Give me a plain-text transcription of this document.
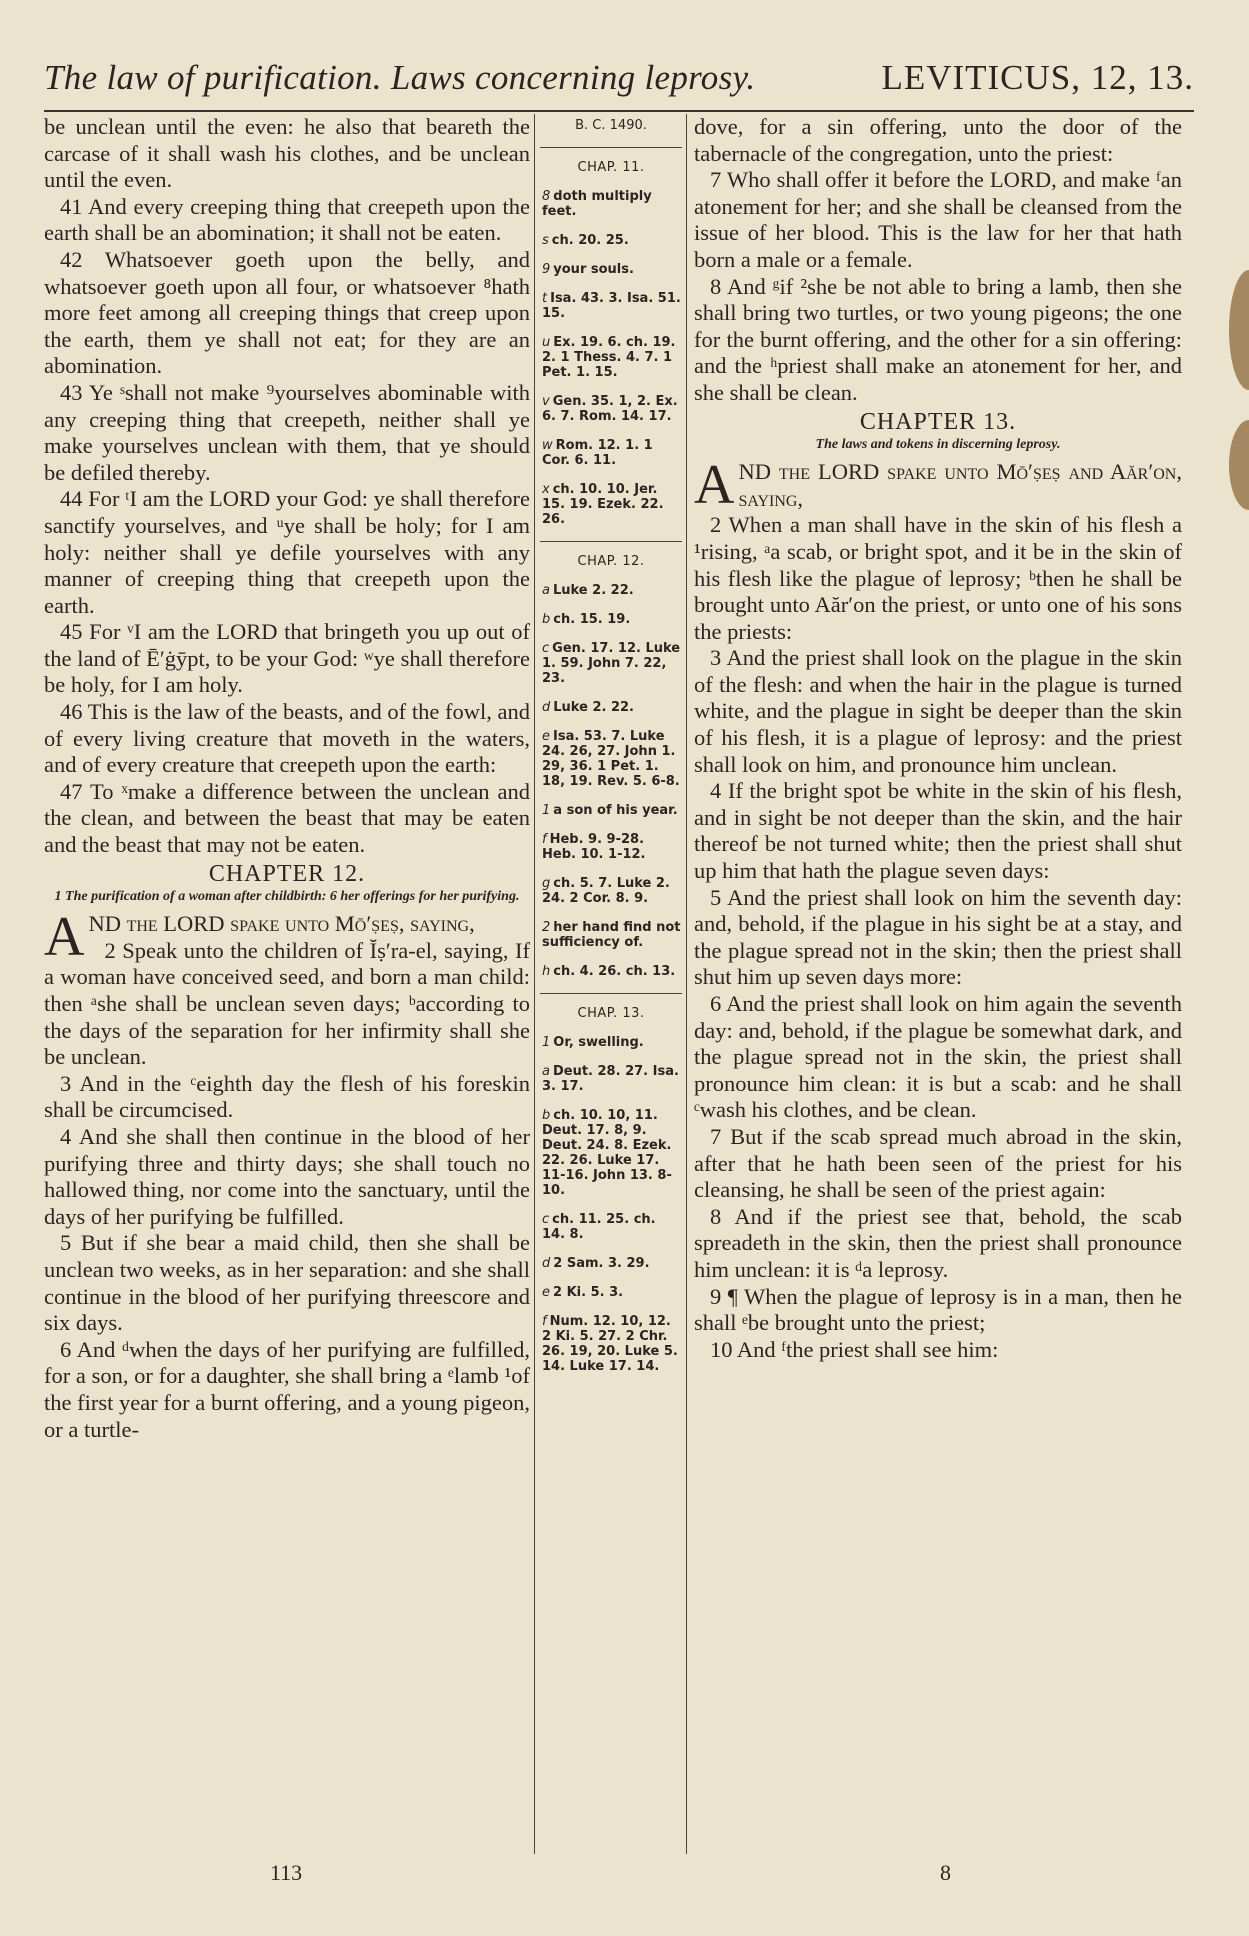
The law of purification. Laws concerning leprosy.	LEVITICUS, 12, 13.

be unclean until the even: he also that beareth the carcase of it shall wash his clothes, and be unclean until the even.

41 And every creeping thing that creepeth upon the earth shall be an abomination; it shall not be eaten.

42 Whatsoever goeth upon the belly, and whatsoever goeth upon all four, or whatsoever ⁸hath more feet among all creeping things that creep upon the earth, them ye shall not eat; for they are an abomination.

43 Ye ˢshall not make ⁹yourselves abominable with any creeping thing that creepeth, neither shall ye make yourselves unclean with them, that ye should be defiled thereby.

44 For ᵗI am the LORD your God: ye shall therefore sanctify yourselves, and ᵘye shall be holy; for I am holy: neither shall ye defile yourselves with any manner of creeping thing that creepeth upon the earth.

45 For ᵛI am the LORD that bringeth you up out of the land of Ē′ġȳpt, to be your God: ʷye shall therefore be holy, for I am holy.

46 This is the law of the beasts, and of the fowl, and of every living creature that moveth in the waters, and of every creature that creepeth upon the earth:

47 To ˣmake a difference between the unclean and the clean, and between the beast that may be eaten and the beast that may not be eaten.

CHAPTER 12.
1 The purification of a woman after childbirth: 6 her offerings for her purifying.
A ND the LORD spake unto Mō′ṣeṣ, saying,

2 Speak unto the children of Ĭṣ′ra-el, saying, If a woman have conceived seed, and born a man child: then ᵃshe shall be unclean seven days; ᵇaccording to the days of the separation for her infirmity shall she be unclean.

3 And in the ᶜeighth day the flesh of his foreskin shall be circumcised.

4 And she shall then continue in the blood of her purifying three and thirty days; she shall touch no hallowed thing, nor come into the sanctuary, until the days of her purifying be fulfilled.

5 But if she bear a maid child, then she shall be unclean two weeks, as in her separation: and she shall continue in the blood of her purifying threescore and six days.

6 And ᵈwhen the days of her purifying are fulfilled, for a son, or for a daughter, she shall bring a ᵉlamb ¹of the first year for a burnt offering, and a young pigeon, or a turtle-

B. C. 1490.
CHAP. 11.
8 doth multiply feet.
s ch. 20. 25.
9 your souls.
t Isa. 43. 3. Isa. 51. 15.
u Ex. 19. 6. ch. 19. 2. 1 Thess. 4. 7. 1 Pet. 1. 15.
v Gen. 35. 1, 2. Ex. 6. 7. Rom. 14. 17.
w Rom. 12. 1. 1 Cor. 6. 11.
x ch. 10. 10. Jer. 15. 19. Ezek. 22. 26.
CHAP. 12.
a Luke 2. 22.
b ch. 15. 19.
c Gen. 17. 12. Luke 1. 59. John 7. 22, 23.
d Luke 2. 22.
e Isa. 53. 7. Luke 24. 26, 27. John 1. 29, 36. 1 Pet. 1. 18, 19. Rev. 5. 6-8.
1 a son of his year.
f Heb. 9. 9-28. Heb. 10. 1-12.
g ch. 5. 7. Luke 2. 24. 2 Cor. 8. 9.
2 her hand find not sufficiency of.
h ch. 4. 26. ch. 13.
CHAP. 13.
1 Or, swelling.
a Deut. 28. 27. Isa. 3. 17.
b ch. 10. 10, 11. Deut. 17. 8, 9. Deut. 24. 8. Ezek. 22. 26. Luke 17. 11-16. John 13. 8-10.
c ch. 11. 25. ch. 14. 8.
d 2 Sam. 3. 29.
e 2 Ki. 5. 3.
f Num. 12. 10, 12. 2 Ki. 5. 27. 2 Chr. 26. 19, 20. Luke 5. 14. Luke 17. 14.

dove, for a sin offering, unto the door of the tabernacle of the congregation, unto the priest:

7 Who shall offer it before the LORD, and make ᶠan atonement for her; and she shall be cleansed from the issue of her blood. This is the law for her that hath born a male or a female.

8 And ᵍif ²she be not able to bring a lamb, then she shall bring two turtles, or two young pigeons; the one for the burnt offering, and the other for a sin offering: and the ʰpriest shall make an atonement for her, and she shall be clean.

CHAPTER 13.
The laws and tokens in discerning leprosy.
A ND the LORD spake unto Mō′ṣeṣ and Aăr′on, saying,

2 When a man shall have in the skin of his flesh a ¹rising, ᵃa scab, or bright spot, and it be in the skin of his flesh like the plague of leprosy; ᵇthen he shall be brought unto Aăr′on the priest, or unto one of his sons the priests:

3 And the priest shall look on the plague in the skin of the flesh: and when the hair in the plague is turned white, and the plague in sight be deeper than the skin of his flesh, it is a plague of leprosy: and the priest shall look on him, and pronounce him unclean.

4 If the bright spot be white in the skin of his flesh, and in sight be not deeper than the skin, and the hair thereof be not turned white; then the priest shall shut up him that hath the plague seven days:

5 And the priest shall look on him the seventh day: and, behold, if the plague in his sight be at a stay, and the plague spread not in the skin; then the priest shall shut him up seven days more:

6 And the priest shall look on him again the seventh day: and, behold, if the plague be somewhat dark, and the plague spread not in the skin, the priest shall pronounce him clean: it is but a scab: and he shall ᶜwash his clothes, and be clean.

7 But if the scab spread much abroad in the skin, after that he hath been seen of the priest for his cleansing, he shall be seen of the priest again:

8 And if the priest see that, behold, the scab spreadeth in the skin, then the priest shall pronounce him unclean: it is ᵈa leprosy.

9 ¶ When the plague of leprosy is in a man, then he shall ᵉbe brought unto the priest;

10 And ᶠthe priest shall see him:

113	8
